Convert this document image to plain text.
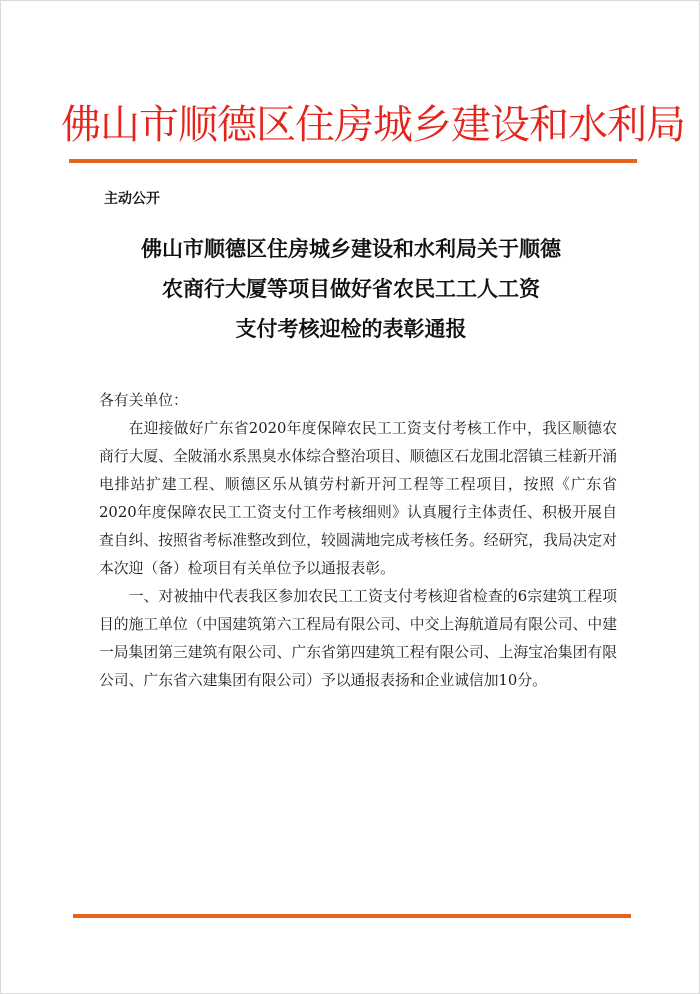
佛山市顺德区住房城乡建设和水利局
主动公开
佛山市顺德区住房城乡建设和水利局关于顺德
农商行大厦等项目做好省农民工工人工资
支付考核迎检的表彰通报

各有关单位：

在迎接做好广东省2020年度保障农民工工资支付考核工作中，我区顺德农商行大厦、全陂涌水系黑臭水体综合整治项目、顺德区石龙围北滘镇三桂新开涌电排站扩建工程、顺德区乐从镇劳村新开河工程等工程项目，按照《广东省2020年度保障农民工工资支付工作考核细则》认真履行主体责任、积极开展自查自纠、按照省考标准整改到位，较圆满地完成考核任务。经研究，我局决定对本次迎（备）检项目有关单位予以通报表彰。

一、对被抽中代表我区参加农民工工资支付考核迎省检查的6宗建筑工程项目的施工单位（中国建筑第六工程局有限公司、中交上海航道局有限公司、中建一局集团第三建筑有限公司、广东省第四建筑工程有限公司、上海宝冶集团有限公司、广东省六建集团有限公司）予以通报表扬和企业诚信加10分。
